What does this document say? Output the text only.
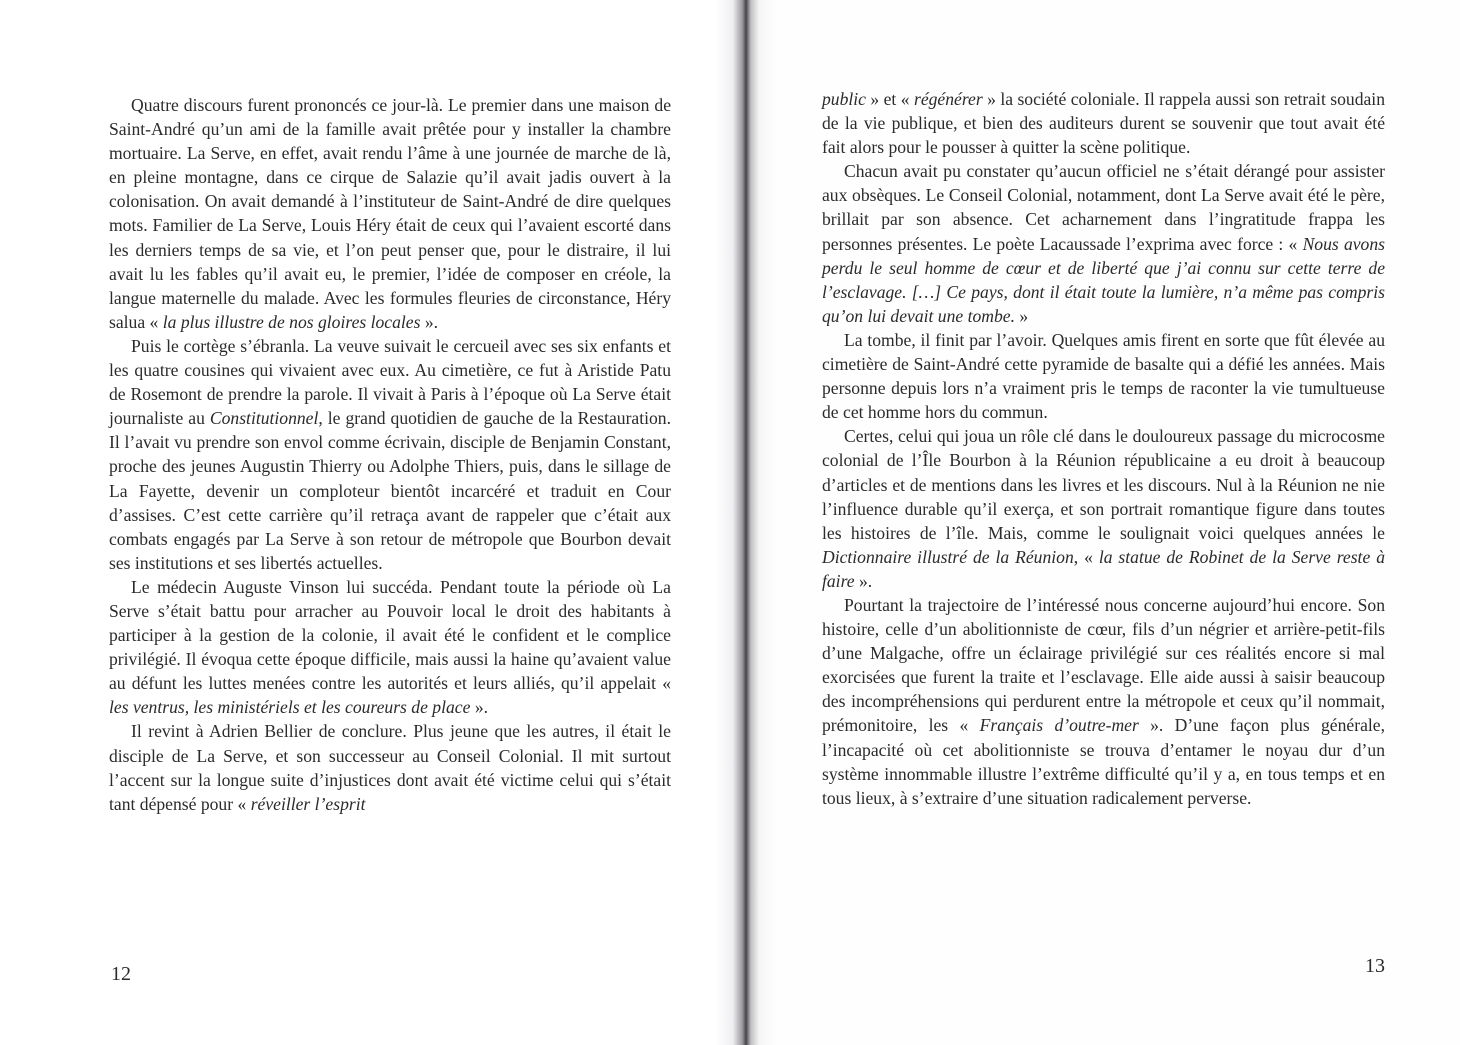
Quatre discours furent prononcés ce jour-là. Le premier dans une maison de Saint-André qu’un ami de la famille avait prêtée pour y installer la chambre mortuaire. La Serve, en effet, avait rendu l’âme à une journée de marche de là, en pleine montagne, dans ce cirque de Salazie qu’il avait jadis ouvert à la colonisation. On avait demandé à l’instituteur de Saint-André de dire quelques mots. Familier de La Serve, Louis Héry était de ceux qui l’avaient escorté dans les derniers temps de sa vie, et l’on peut penser que, pour le distraire, il lui avait lu les fables qu’il avait eu, le premier, l’idée de composer en créole, la langue maternelle du malade. Avec les formules fleuries de circonstance, Héry salua « la plus illustre de nos gloires locales ».

Puis le cortège s’ébranla. La veuve suivait le cercueil avec ses six enfants et les quatre cousines qui vivaient avec eux. Au cimetière, ce fut à Aristide Patu de Rosemont de prendre la parole. Il vivait à Paris à l’époque où La Serve était journaliste au Constitutionnel, le grand quotidien de gauche de la Restauration. Il l’avait vu prendre son envol comme écrivain, disciple de Benjamin Constant, proche des jeunes Augustin Thierry ou Adolphe Thiers, puis, dans le sillage de La Fayette, devenir un comploteur bientôt incarcéré et traduit en Cour d’assises. C’est cette carrière qu’il retraça avant de rappeler que c’était aux combats engagés par La Serve à son retour de métropole que Bourbon devait ses institutions et ses libertés actuelles.

Le médecin Auguste Vinson lui succéda. Pendant toute la période où La Serve s’était battu pour arracher au Pouvoir local le droit des habitants à participer à la gestion de la colonie, il avait été le confident et le complice privilégié. Il évoqua cette époque difficile, mais aussi la haine qu’avaient value au défunt les luttes menées contre les autorités et leurs alliés, qu’il appelait « les ventrus, les ministériels et les coureurs de place ».

Il revint à Adrien Bellier de conclure. Plus jeune que les autres, il était le disciple de La Serve, et son successeur au Conseil Colonial. Il mit surtout l’accent sur la longue suite d’injustices dont avait été victime celui qui s’était tant dépensé pour « réveiller l’esprit

12

public » et « régénérer » la société coloniale. Il rappela aussi son retrait soudain de la vie publique, et bien des auditeurs durent se souvenir que tout avait été fait alors pour le pousser à quitter la scène politique.

Chacun avait pu constater qu’aucun officiel ne s’était dérangé pour assister aux obsèques. Le Conseil Colonial, notamment, dont La Serve avait été le père, brillait par son absence. Cet acharnement dans l’ingratitude frappa les personnes présentes. Le poète Lacaussade l’exprima avec force : « Nous avons perdu le seul homme de cœur et de liberté que j’ai connu sur cette terre de l’esclavage. […] Ce pays, dont il était toute la lumière, n’a même pas compris qu’on lui devait une tombe. »

La tombe, il finit par l’avoir. Quelques amis firent en sorte que fût élevée au cimetière de Saint-André cette pyramide de basalte qui a défié les années. Mais personne depuis lors n’a vraiment pris le temps de raconter la vie tumultueuse de cet homme hors du commun.

Certes, celui qui joua un rôle clé dans le douloureux passage du microcosme colonial de l’Île Bourbon à la Réunion républicaine a eu droit à beaucoup d’articles et de mentions dans les livres et les discours. Nul à la Réunion ne nie l’influence durable qu’il exerça, et son portrait romantique figure dans toutes les histoires de l’île. Mais, comme le soulignait voici quelques années le Dictionnaire illustré de la Réunion, « la statue de Robinet de la Serve reste à faire ».

Pourtant la trajectoire de l’intéressé nous concerne aujourd’hui encore. Son histoire, celle d’un abolitionniste de cœur, fils d’un négrier et arrière-petit-fils d’une Malgache, offre un éclairage privilégié sur ces réalités encore si mal exorcisées que furent la traite et l’esclavage. Elle aide aussi à saisir beaucoup des incompréhensions qui perdurent entre la métropole et ceux qu’il nommait, prémonitoire, les « Français d’outre-mer ». D’une façon plus générale, l’incapacité où cet abolitionniste se trouva d’entamer le noyau dur d’un système innommable illustre l’extrême difficulté qu’il y a, en tous temps et en tous lieux, à s’extraire d’une situation radicalement perverse.

13
